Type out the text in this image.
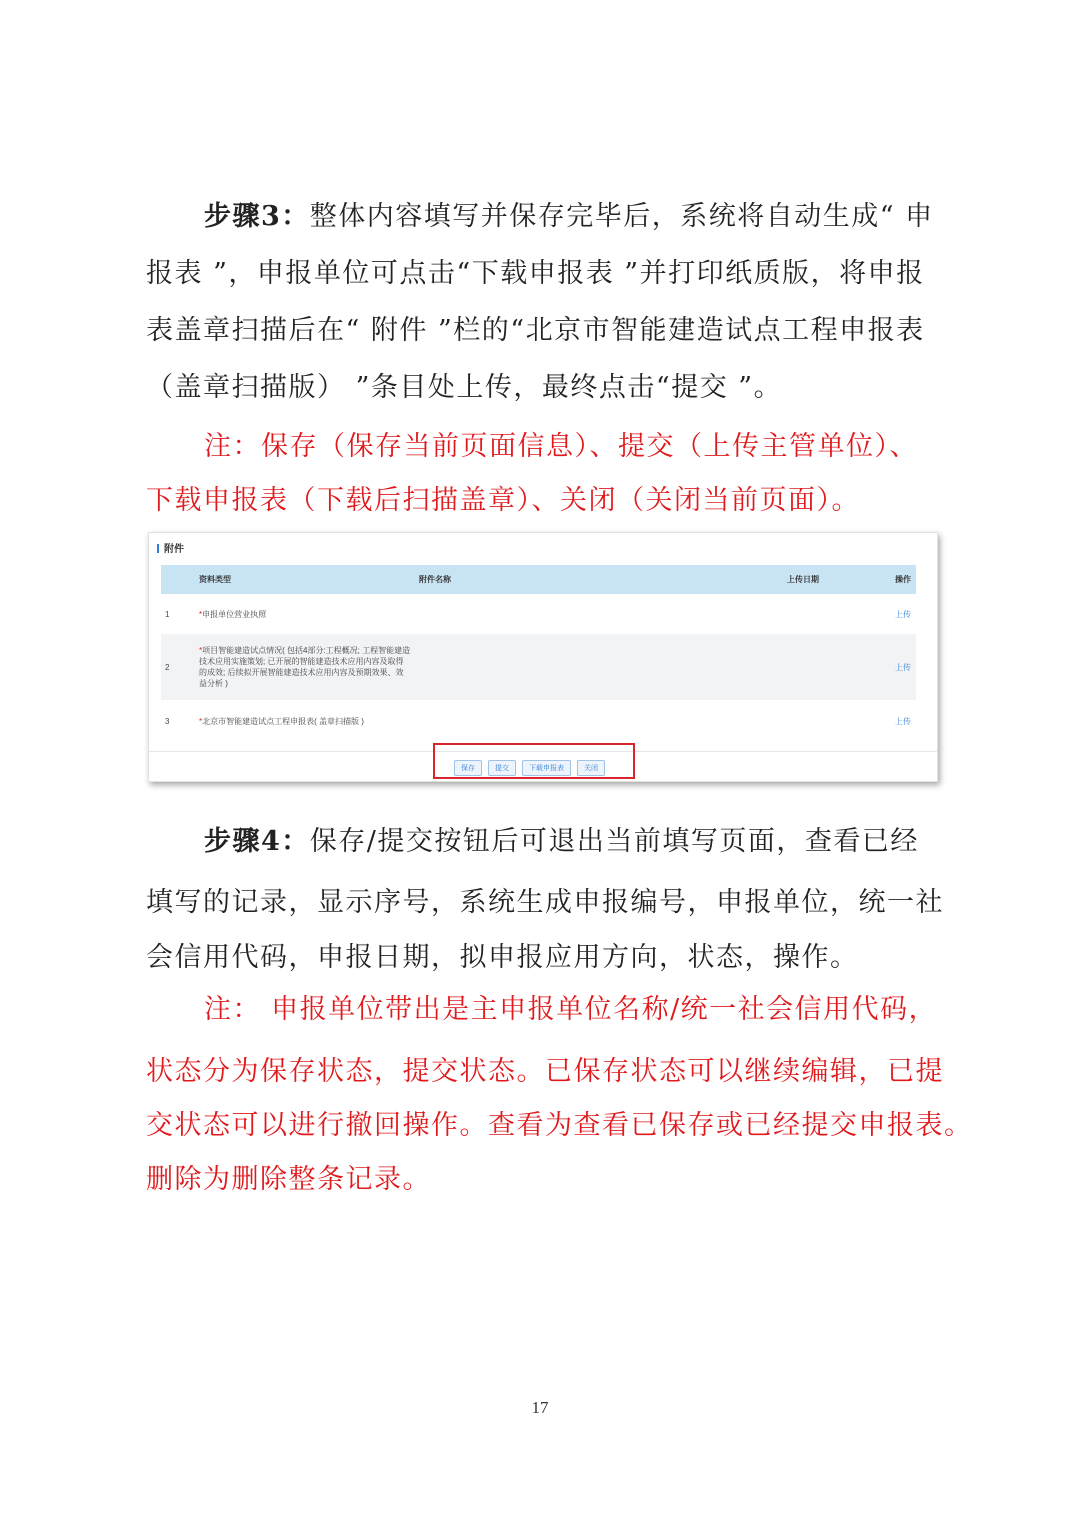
步骤3：整体内容填写并保存完毕后，系统将自动生成“ 申
报表 ”，申报单位可点击“下载申报表 ”并打印纸质版，将申报
表盖章扫描后在“ 附件 ”栏的“北京市智能建造试点工程申报表
（盖章扫描版） ”条目处上传，最终点击“提交 ”。
注：保存（保存当前页面信息）、提交（上传主管单位）、
下载申报表（下载后扫描盖章）、关闭（关闭当前页面）。
附件
	资料类型	附件名称	上传日期	操作
1	*申报单位营业执照			上传
2	*项目智能建造试点情况( 包括4部分:工程概况; 工程智能建造技术应用实施策划; 已开展的智能建造技术应用内容及取得的成效; 后续拟开展智能建造技术应用内容及预期效果、效益分析 )			上传
3	*北京市智能建造试点工程申报表( 盖章扫描版 )			上传
保存	提交	下载申报表	关闭
步骤4：保存/提交按钮后可退出当前填写页面，查看已经
填写的记录，显示序号，系统生成申报编号，申报单位，统一社
会信用代码，申报日期，拟申报应用方向，状态，操作。
注： 申报单位带出是主申报单位名称/统一社会信用代码，
状态分为保存状态，提交状态。已保存状态可以继续编辑，已提
交状态可以进行撤回操作。查看为查看已保存或已经提交申报表。
删除为删除整条记录。
17
